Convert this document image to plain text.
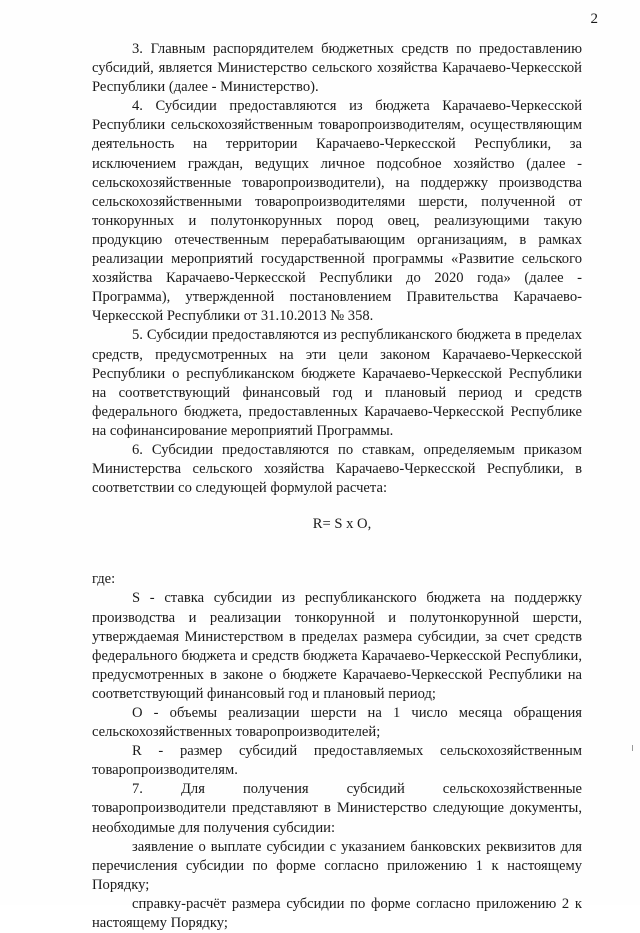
2

3. Главным распорядителем бюджетных средств по предоставлению субсидий, является Министерство сельского хозяйства Карачаево-Черкесской Республики (далее - Министерство).

4. Субсидии предоставляются из бюджета Карачаево-Черкесской Республики сельскохозяйственным товаропроизводителям, осуществляющим деятельность на территории Карачаево-Черкесской Республики, за исключением граждан, ведущих личное подсобное хозяйство (далее - сельскохозяйственные товаропроизводители), на поддержку производства сельскохозяйственными товаропроизводителями шерсти, полученной от тонкорунных и полутонкорунных пород овец, реализующими такую продукцию отечественным перерабатывающим организациям, в рамках реализации мероприятий государственной программы «Развитие сельского хозяйства Карачаево-Черкесской Республики до 2020 года» (далее - Программа), утвержденной постановлением Правительства Карачаево-Черкесской Республики от 31.10.2013 № 358.

5. Субсидии предоставляются из республиканского бюджета в пределах средств, предусмотренных на эти цели законом Карачаево-Черкесской Республики о республиканском бюджете Карачаево-Черкесской Республики на соответствующий финансовый год и плановый период и средств федерального бюджета, предоставленных Карачаево-Черкесской Республике на софинансирование мероприятий Программы.

6. Субсидии предоставляются по ставкам, определяемым приказом Министерства сельского хозяйства Карачаево-Черкесской Республики, в соответствии со следующей формулой расчета:

R= S x O,

где:

S - ставка субсидии из республиканского бюджета на поддержку производства и реализации тонкорунной и полутонкорунной шерсти, утверждаемая Министерством в пределах размера субсидии, за счет средств федерального бюджета и средств бюджета Карачаево-Черкесской Республики, предусмотренных в законе о бюджете Карачаево-Черкесской Республики на соответствующий финансовый год и плановый период;

О - объемы реализации шерсти на 1 число месяца обращения сельскохозяйственных товаропроизводителей;

R - размер субсидий предоставляемых сельскохозяйственным товаропроизводителям.

7. Для получения субсидий сельскохозяйственные товаропроизводители представляют в Министерство следующие документы, необходимые для получения субсидии:

заявление о выплате субсидии с указанием банковских реквизитов для перечисления субсидии по форме согласно приложению 1 к настоящему Порядку;

справку-расчёт размера субсидии по форме согласно приложению 2 к настоящему Порядку;
